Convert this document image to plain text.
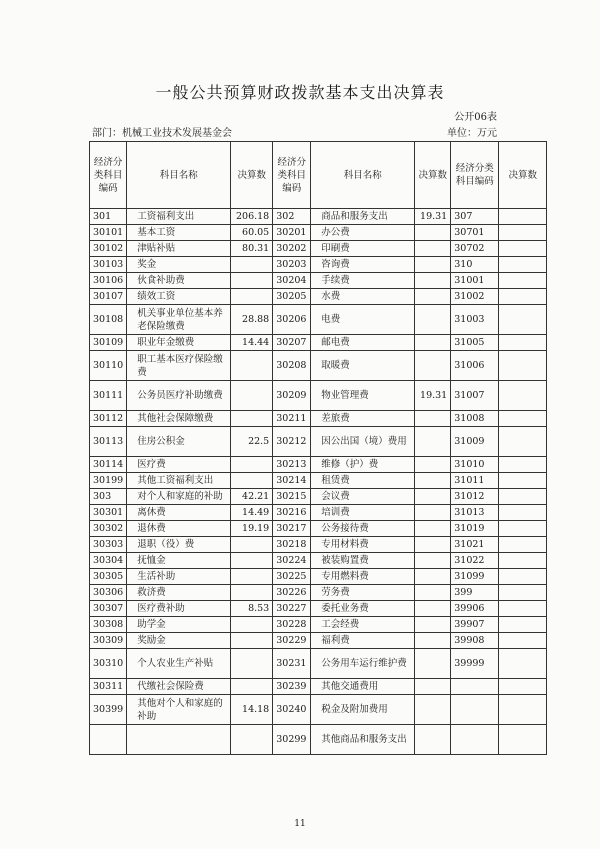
一般公共预算财政拨款基本支出决算表
公开06表
部门：机械工业技术发展基金会	单位：万元
经济分类科目编码	科目名称	决算数	经济分类科目编码	科目名称	决算数	经济分类科目编码	决算数
301	工资福利支出	206.18	302	商品和服务支出	19.31	307	
30101	基本工资	60.05	30201	办公费		30701	
30102	津贴补贴	80.31	30202	印刷费		30702	
30103	奖金		30203	咨询费		310	
30106	伙食补助费		30204	手续费		31001	
30107	绩效工资		30205	水费		31002	
30108	机关事业单位基本养老保险缴费	28.88	30206	电费		31003	
30109	职业年金缴费	14.44	30207	邮电费		31005	
30110	职工基本医疗保险缴费		30208	取暖费		31006	
30111	公务员医疗补助缴费		30209	物业管理费	19.31	31007	
30112	其他社会保障缴费		30211	差旅费		31008	
30113	住房公积金	22.5	30212	因公出国（境）费用		31009	
30114	医疗费		30213	维修（护）费		31010	
30199	其他工资福利支出		30214	租赁费		31011	
303	对个人和家庭的补助	42.21	30215	会议费		31012	
30301	离休费	14.49	30216	培训费		31013	
30302	退休费	19.19	30217	公务接待费		31019	
30303	退职（役）费		30218	专用材料费		31021	
30304	抚恤金		30224	被装购置费		31022	
30305	生活补助		30225	专用燃料费		31099	
30306	救济费		30226	劳务费		399	
30307	医疗费补助	8.53	30227	委托业务费		39906	
30308	助学金		30228	工会经费		39907	
30309	奖励金		30229	福利费		39908	
30310	个人农业生产补贴		30231	公务用车运行维护费		39999	
30311	代缴社会保险费		30239	其他交通费用			
30399	其他对个人和家庭的补助	14.18	30240	税金及附加费用			
			30299	其他商品和服务支出			
11
